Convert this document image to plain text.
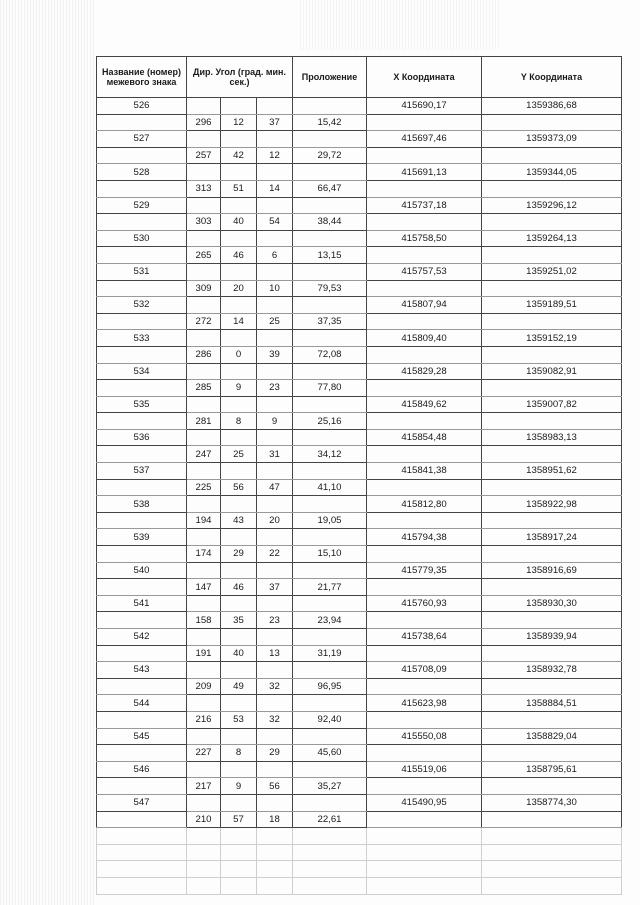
Название (номер) межевого знака	Дир. Угол (град. мин. сек.)			Проложение	X Координата	Y Координата
526					415690,17	1359386,68
	296	12	37	15,42		
527					415697,46	1359373,09
	257	42	12	29,72		
528					415691,13	1359344,05
	313	51	14	66,47		
529					415737,18	1359296,12
	303	40	54	38,44		
530					415758,50	1359264,13
	265	46	6	13,15		
531					415757,53	1359251,02
	309	20	10	79,53		
532					415807,94	1359189,51
	272	14	25	37,35		
533					415809,40	1359152,19
	286	0	39	72,08		
534					415829,28	1359082,91
	285	9	23	77,80		
535					415849,62	1359007,82
	281	8	9	25,16		
536					415854,48	1358983,13
	247	25	31	34,12		
537					415841,38	1358951,62
	225	56	47	41,10		
538					415812,80	1358922,98
	194	43	20	19,05		
539					415794,38	1358917,24
	174	29	22	15,10		
540					415779,35	1358916,69
	147	46	37	21,77		
541					415760,93	1358930,30
	158	35	23	23,94		
542					415738,64	1358939,94
	191	40	13	31,19		
543					415708,09	1358932,78
	209	49	32	96,95		
544					415623,98	1358884,51
	216	53	32	92,40		
545					415550,08	1358829,04
	227	8	29	45,60		
546					415519,06	1358795,61
	217	9	56	35,27		
547					415490,95	1358774,30
	210	57	18	22,61		
